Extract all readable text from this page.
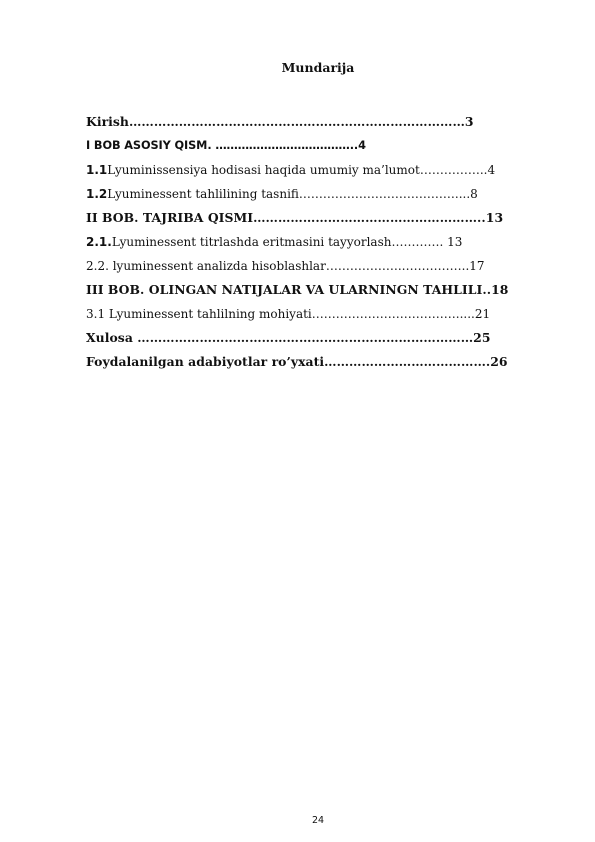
Mundarija
Kirish………………………………………………………………………3
I BOB ASOSIY QISM. ………………………………..4
1.1Lyuminissensiya hodisasi haqida umumiy ma’lumot……………..4
1.2Lyuminessent tahlilining tasnifi…………………………………....8
II BOB. TAJRIBA QISMI………………………………………………..13
2.1.Lyuminessent titrlashda eritmasini tayyorlash…………. 13
2.2. lyuminessent analizda hisoblashlar……………….……………..17
III BOB. OLINGAN NATIJALAR VA ULARNINGN TAHLILI..18
3.1 Lyuminessent tahlilning mohiyati……………………………….....21
Xulosa ………………………………………………………………………25
Foydalanilgan adabiyotlar ro’yxati………………………………….26
24
